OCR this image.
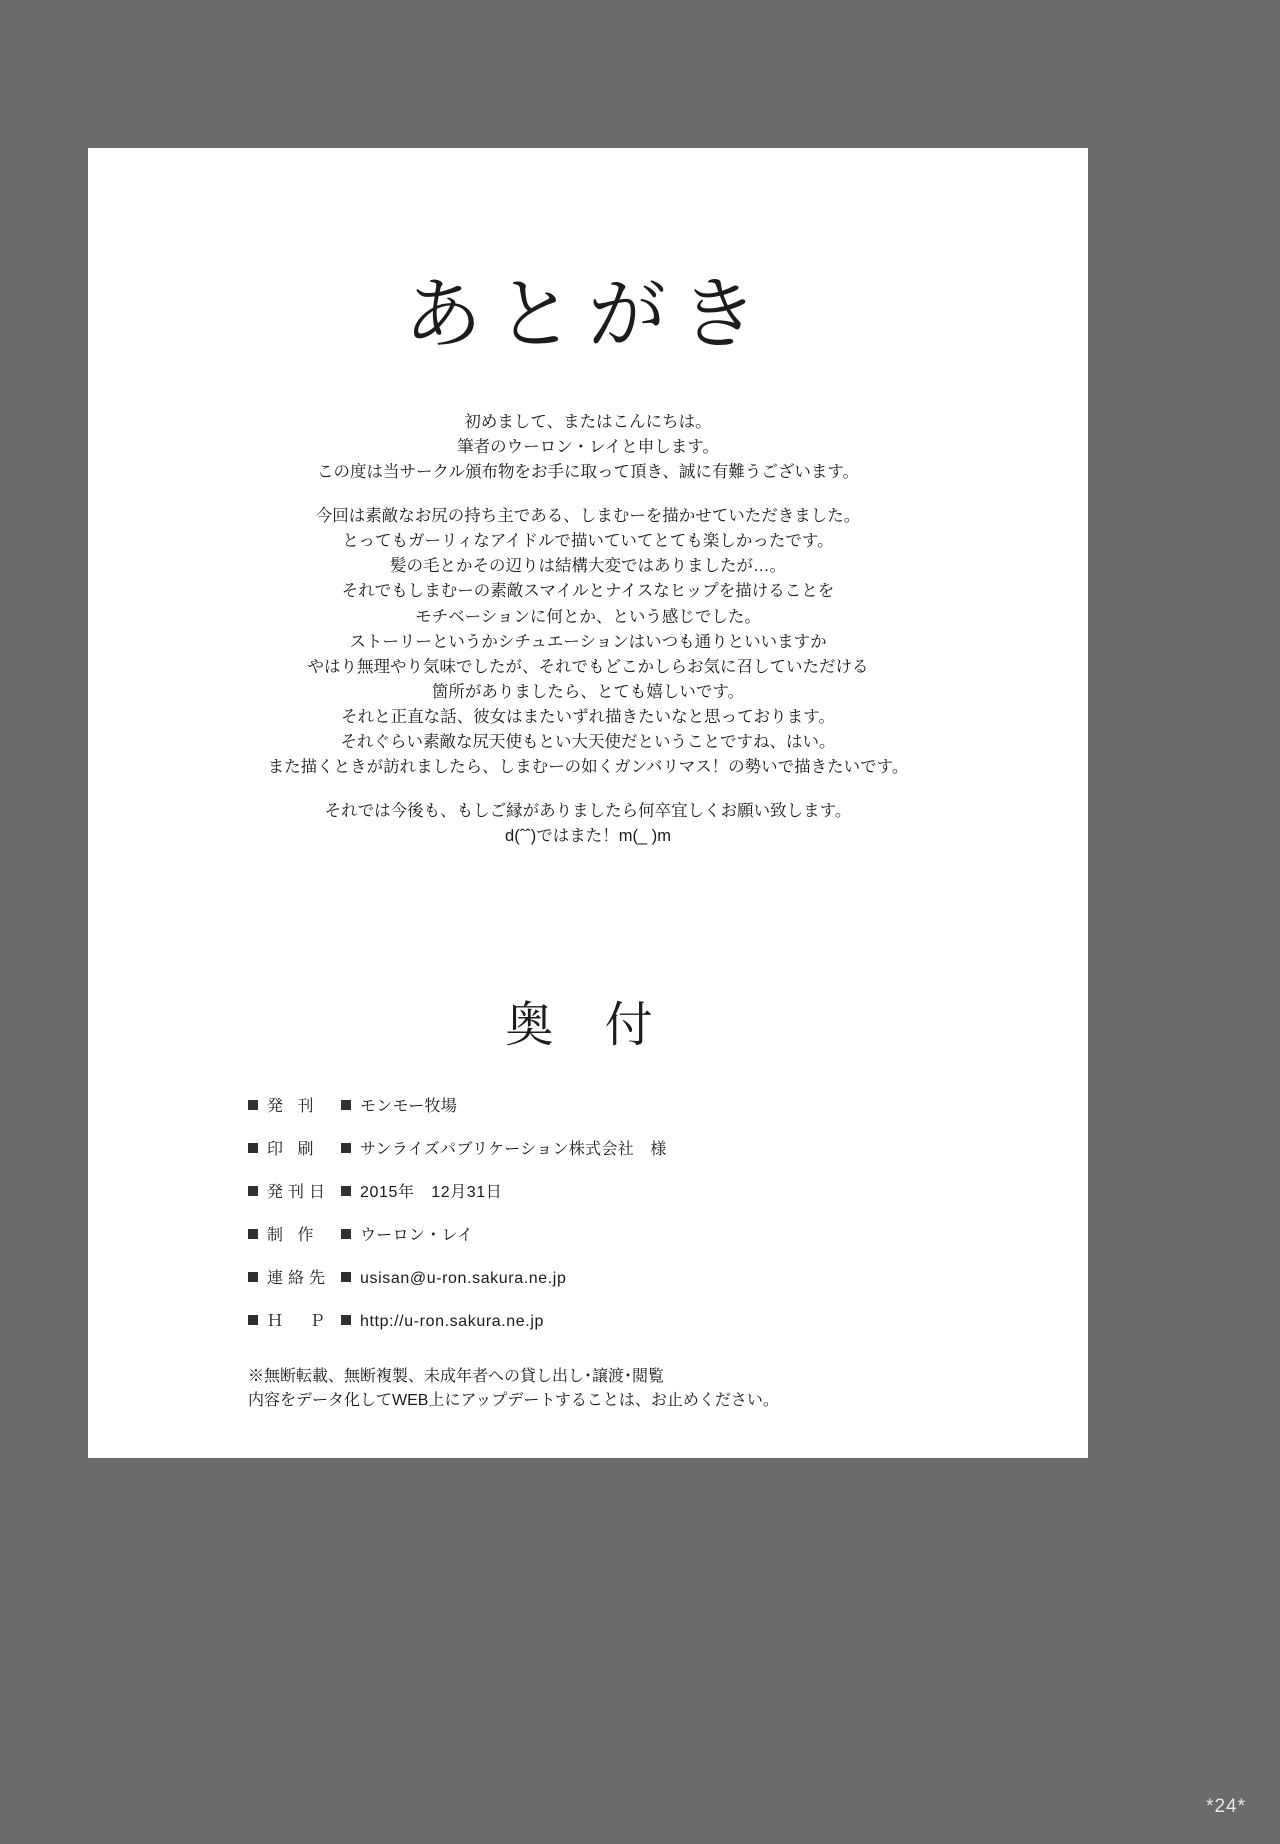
あとがき

初めまして、またはこんにちは。
筆者のウーロン・レイと申します。
この度は当サークル頒布物をお手に取って頂き、誠に有難うございます。

今回は素敵なお尻の持ち主である、しまむーを描かせていただきました。
とってもガーリィなアイドルで描いていてとても楽しかったです。
髪の毛とかその辺りは結構大変ではありましたが…。
それでもしまむーの素敵スマイルとナイスなヒップを描けることを
モチベーションに何とか、という感じでした。
ストーリーというかシチュエーションはいつも通りといいますか
やはり無理やり気味でしたが、それでもどこかしらお気に召していただける
箇所がありましたら、とても嬉しいです。
それと正直な話、彼女はまたいずれ描きたいなと思っております。
それぐらい素敵な尻天使もとい大天使だということですね、はい。
また描くときが訪れましたら、しまむーの如くガンバリマス！の勢いで描きたいです。

それでは今後も、もしご縁がありましたら何卒宜しくお願い致します。
d(ˆˆ)ではまた！m(_ )m

奥 付
発 刊	モンモー牧場
印 刷	サンライズパブリケーション株式会社　様
発刊日	2015年　12月31日
制 作	ウーロン・レイ
連絡先	usisan@u-ron.sakura.ne.jp
Ｈ　Ｐ	http://u-ron.sakura.ne.jp

※無断転載、無断複製、未成年者への貸し出し･譲渡･閲覧
内容をデータ化してWEB上にアップデートすることは、お止めください。

*24*
